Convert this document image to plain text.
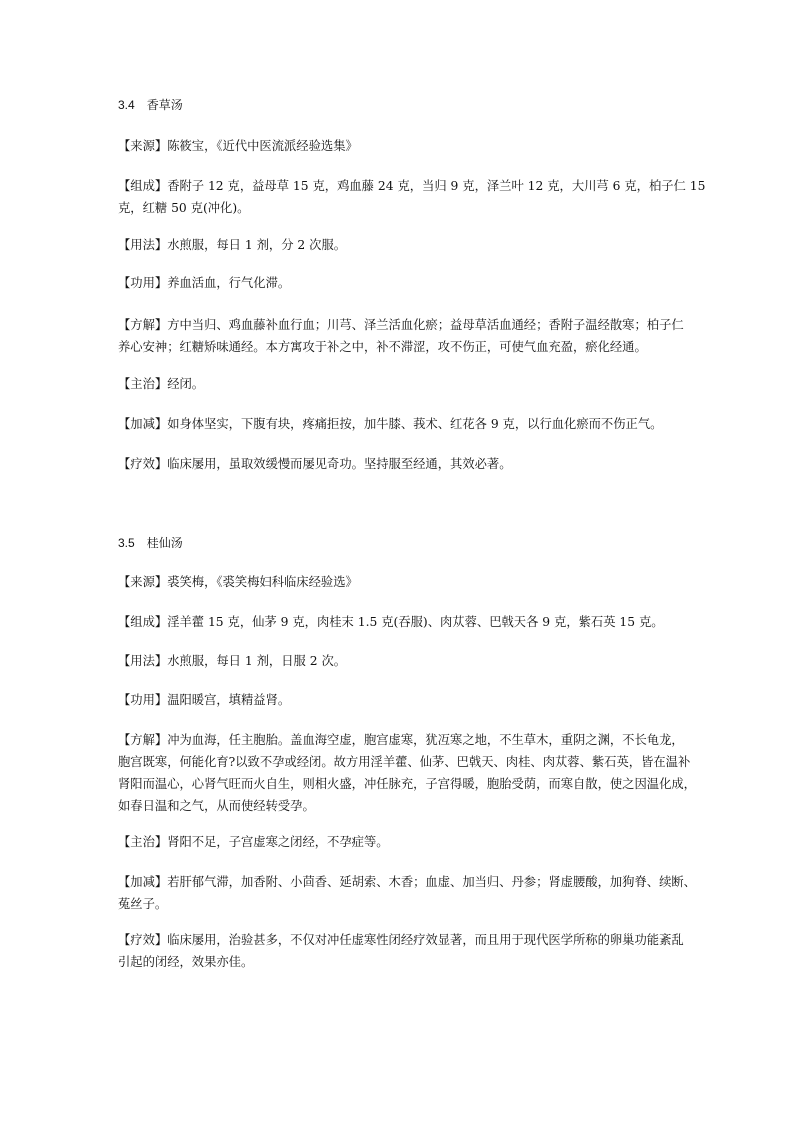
3.4 香草汤
【来源】陈筱宝，《近代中医流派经验选集》
【组成】香附子 12 克，益母草 15 克，鸡血藤 24 克，当归 9 克，泽兰叶 12 克，大川芎 6 克，柏子仁 15
克，红糖 50 克(冲化)。
【用法】水煎服，每日 1 剂，分 2 次服。
【功用】养血活血，行气化滞。
【方解】方中当归、鸡血藤补血行血；川芎、泽兰活血化瘀；益母草活血通经；香附子温经散寒；柏子仁
养心安神；红糖矫味通经。本方寓攻于补之中，补不滞涩，攻不伤正，可使气血充盈，瘀化经通。
【主治】经闭。
【加减】如身体坚实，下腹有块，疼痛拒按，加牛膝、莪术、红花各 9 克，以行血化瘀而不伤正气。
【疗效】临床屡用，虽取效缓慢而屡见奇功。坚持服至经通，其效必著。
3.5 桂仙汤
【来源】裘笑梅，《裘笑梅妇科临床经验选》
【组成】淫羊藿 15 克，仙茅 9 克，肉桂末 1.5 克(吞服)、肉苁蓉、巴戟天各 9 克，紫石英 15 克。
【用法】水煎服，每日 1 剂，日服 2 次。
【功用】温阳暖宫，填精益肾。
【方解】冲为血海，任主胞胎。盖血海空虚，胞宫虚寒，犹冱寒之地，不生草木，重阴之渊，不长龟龙，
胞宫既寒，何能化育?以致不孕或经闭。故方用淫羊藿、仙茅、巴戟天、肉桂、肉苁蓉、紫石英，皆在温补
肾阳而温心，心肾气旺而火自生，则相火盛，冲任脉充，子宫得暖，胞胎受荫，而寒自散，使之因温化成，
如春日温和之气，从而使经转受孕。
【主治】肾阳不足，子宫虚寒之闭经，不孕症等。
【加减】若肝郁气滞，加香附、小茴香、延胡索、木香；血虚、加当归、丹参；肾虚腰酸，加狗脊、续断、
菟丝子。
【疗效】临床屡用，治验甚多，不仅对冲任虚寒性闭经疗效显著，而且用于现代医学所称的卵巢功能紊乱
引起的闭经，效果亦佳。
